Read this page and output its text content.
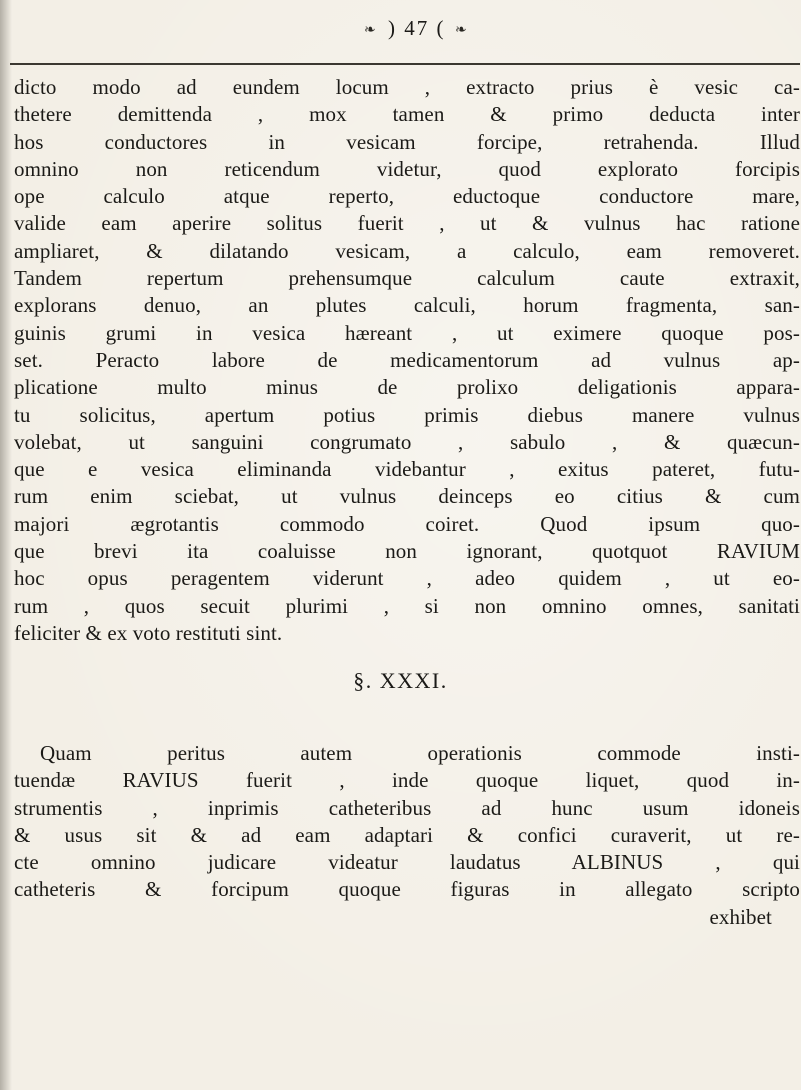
❧ ) 47 ( ❧
dicto modo ad eundem locum , extracto prius è vesic ca-
thetere demittenda , mox tamen & primo deducta inter
hos conductores in vesicam forcipe, retrahenda. Illud
omnino non reticendum videtur, quod explorato forcipis
ope calculo atque reperto, eductoque conductore mare,
valide eam aperire solitus fuerit , ut & vulnus hac ratione
ampliaret, & dilatando vesicam, a calculo, eam removeret.
Tandem repertum prehensumque calculum caute extraxit,
explorans denuo, an plutes calculi, horum fragmenta, san-
guinis grumi in vesica hæreant , ut eximere quoque pos-
set. Peracto labore de medicamentorum ad vulnus ap-
plicatione multo minus de prolixo deligationis appara-
tu solicitus, apertum potius primis diebus manere vulnus
volebat, ut sanguini congrumato , sabulo , & quæcun-
que e vesica eliminanda videbantur , exitus pateret, futu-
rum enim sciebat, ut vulnus deinceps eo citius & cum
majori ægrotantis commodo coiret. Quod ipsum quo-
que brevi ita coaluisse non ignorant, quotquot RAVIUM
hoc opus peragentem viderunt , adeo quidem , ut eo-
rum , quos secuit plurimi , si non omnino omnes, sanitati
feliciter & ex voto restituti sint.
§. XXXI.
Quam peritus autem operationis commode insti-
tuendæ RAVIUS fuerit , inde quoque liquet, quod in-
strumentis , inprimis catheteribus ad hunc usum idoneis
& usus sit & ad eam adaptari & confici curaverit, ut re-
cte omnino judicare videatur laudatus ALBINUS , qui
catheteris & forcipum quoque figuras in allegato scripto
exhibet
